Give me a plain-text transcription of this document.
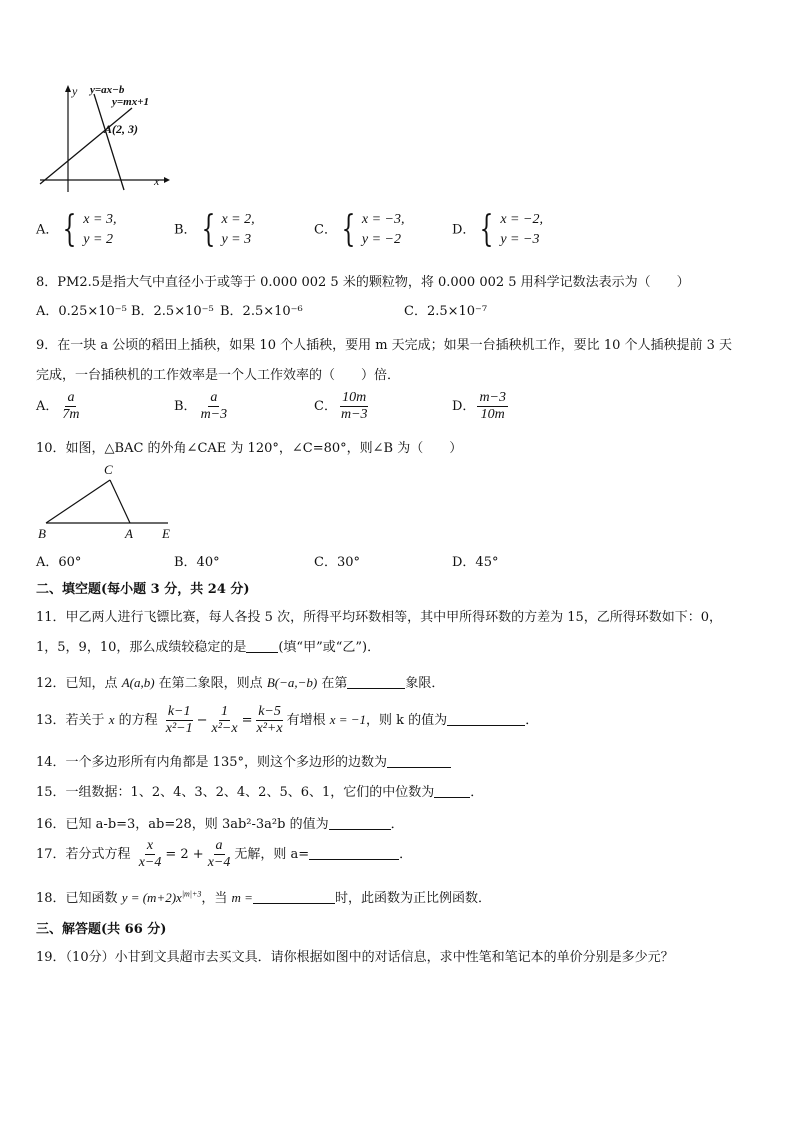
y
x
y=ax−b
y=mx+1
A(2, 3)
A． { x = 3,
y = 2
B． { x = 2,
y = 3
C． { x = −3,
y = −2
D． { x = −2,
y = −3
8．PM2.5是指大气中直径小于或等于 0.000 002 5 米的颗粒物，将 0.000 002 5 用科学记数法表示为（　　）
A．0.25×10⁻⁵ B．2.5×10⁻⁵ B．2.5×10⁻⁶	C．2.5×10⁻⁷
9．在一块 a 公顷的稻田上插秧，如果 10 个人插秧，要用 m 天完成；如果一台插秧机工作，要比 10 个人插秧提前 3 天
完成，一台插秧机的工作效率是一个人工作效率的（　　）倍．
A． $\frac{a}{7m}$	B． $\frac{a}{m-3}$	C． $\frac{10m}{m-3}$	D． $\frac{m-3}{10m}$
10．如图，△BAC 的外角∠CAE 为 120°，∠C=80°，则∠B 为（　　）
C
B	A E
A．60°	B．40°	C．30°	D．45°
二、填空题(每小题 3 分，共 24 分)
11．甲乙两人进行飞镖比赛，每人各投 5 次，所得平均环数相等，其中甲所得环数的方差为 15，乙所得环数如下：0，
1，5，9，10，那么成绩较稳定的是 (填“甲”或“乙”)．
12．已知，点 A(a,b) 在第二象限，则点 B(−a,−b) 在第	象限．
13．若关于 x 的方程 $\frac{k-1}{\text{x²−1}} - \frac{1}{\text{x²−x}} = \frac{k-5}{\text{x²+x}}$ 有增根 x = −1，则 k 的值为	．
14．一个多边形所有内角都是 135°，则这个多边形的边数为
15．一组数据：1、2、4、3、2、4、2、5、6、1，它们的中位数为	．
16．已知 a-b=3，ab=28，则 3ab²-3a²b 的值为	．
17．若分式方程 $\frac{x}{x-4} = 2 + \frac{a}{x-4}$ 无解，则 a=	．
18．已知函数 $y = (m+2)x^{|m|+3}$，当 m =	时，此函数为正比例函数．
三、解答题(共 66 分)
19．（10分）小甘到文具超市去买文具．请你根据如图中的对话信息，求中性笔和笔记本的单价分别是多少元？
